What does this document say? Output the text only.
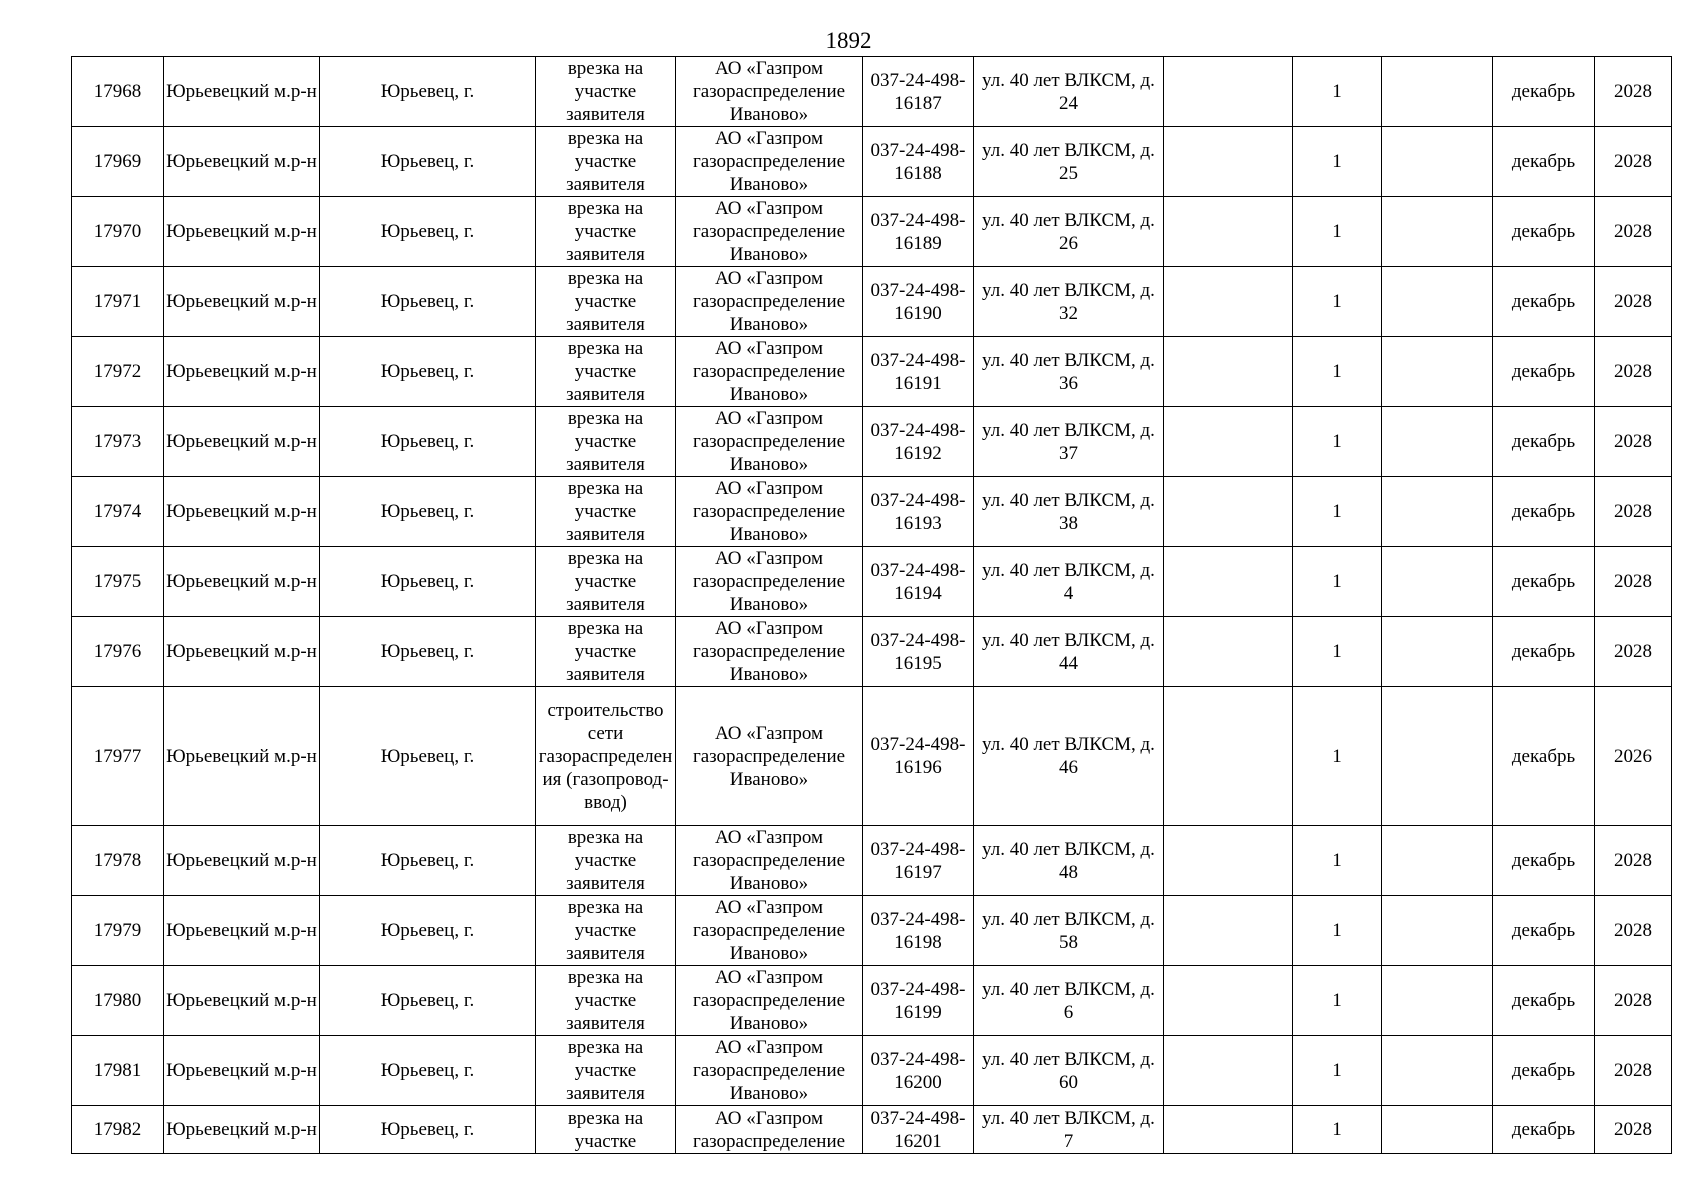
1892
17968	Юрьевецкий м.р-н	Юрьевец, г.	врезка на участке заявителя	АО «Газпром газораспределение Иваново»	037-24-498-16187	ул. 40 лет ВЛКСМ, д. 24		1		декабрь	2028
17969	Юрьевецкий м.р-н	Юрьевец, г.	врезка на участке заявителя	АО «Газпром газораспределение Иваново»	037-24-498-16188	ул. 40 лет ВЛКСМ, д. 25		1		декабрь	2028
17970	Юрьевецкий м.р-н	Юрьевец, г.	врезка на участке заявителя	АО «Газпром газораспределение Иваново»	037-24-498-16189	ул. 40 лет ВЛКСМ, д. 26		1		декабрь	2028
17971	Юрьевецкий м.р-н	Юрьевец, г.	врезка на участке заявителя	АО «Газпром газораспределение Иваново»	037-24-498-16190	ул. 40 лет ВЛКСМ, д. 32		1		декабрь	2028
17972	Юрьевецкий м.р-н	Юрьевец, г.	врезка на участке заявителя	АО «Газпром газораспределение Иваново»	037-24-498-16191	ул. 40 лет ВЛКСМ, д. 36		1		декабрь	2028
17973	Юрьевецкий м.р-н	Юрьевец, г.	врезка на участке заявителя	АО «Газпром газораспределение Иваново»	037-24-498-16192	ул. 40 лет ВЛКСМ, д. 37		1		декабрь	2028
17974	Юрьевецкий м.р-н	Юрьевец, г.	врезка на участке заявителя	АО «Газпром газораспределение Иваново»	037-24-498-16193	ул. 40 лет ВЛКСМ, д. 38		1		декабрь	2028
17975	Юрьевецкий м.р-н	Юрьевец, г.	врезка на участке заявителя	АО «Газпром газораспределение Иваново»	037-24-498-16194	ул. 40 лет ВЛКСМ, д. 4		1		декабрь	2028
17976	Юрьевецкий м.р-н	Юрьевец, г.	врезка на участке заявителя	АО «Газпром газораспределение Иваново»	037-24-498-16195	ул. 40 лет ВЛКСМ, д. 44		1		декабрь	2028
17977	Юрьевецкий м.р-н	Юрьевец, г.	строительство сети газораспределения (газопровод-ввод)	АО «Газпром газораспределение Иваново»	037-24-498-16196	ул. 40 лет ВЛКСМ, д. 46		1		декабрь	2026
17978	Юрьевецкий м.р-н	Юрьевец, г.	врезка на участке заявителя	АО «Газпром газораспределение Иваново»	037-24-498-16197	ул. 40 лет ВЛКСМ, д. 48		1		декабрь	2028
17979	Юрьевецкий м.р-н	Юрьевец, г.	врезка на участке заявителя	АО «Газпром газораспределение Иваново»	037-24-498-16198	ул. 40 лет ВЛКСМ, д. 58		1		декабрь	2028
17980	Юрьевецкий м.р-н	Юрьевец, г.	врезка на участке заявителя	АО «Газпром газораспределение Иваново»	037-24-498-16199	ул. 40 лет ВЛКСМ, д. 6		1		декабрь	2028
17981	Юрьевецкий м.р-н	Юрьевец, г.	врезка на участке заявителя	АО «Газпром газораспределение Иваново»	037-24-498-16200	ул. 40 лет ВЛКСМ, д. 60		1		декабрь	2028

17982	Юрьевецкий м.р-н	Юрьевец, г.	врезка на участке	АО «Газпром газораспределение	037-24-498-16201	ул. 40 лет ВЛКСМ, д. 7		1		декабрь	2028
